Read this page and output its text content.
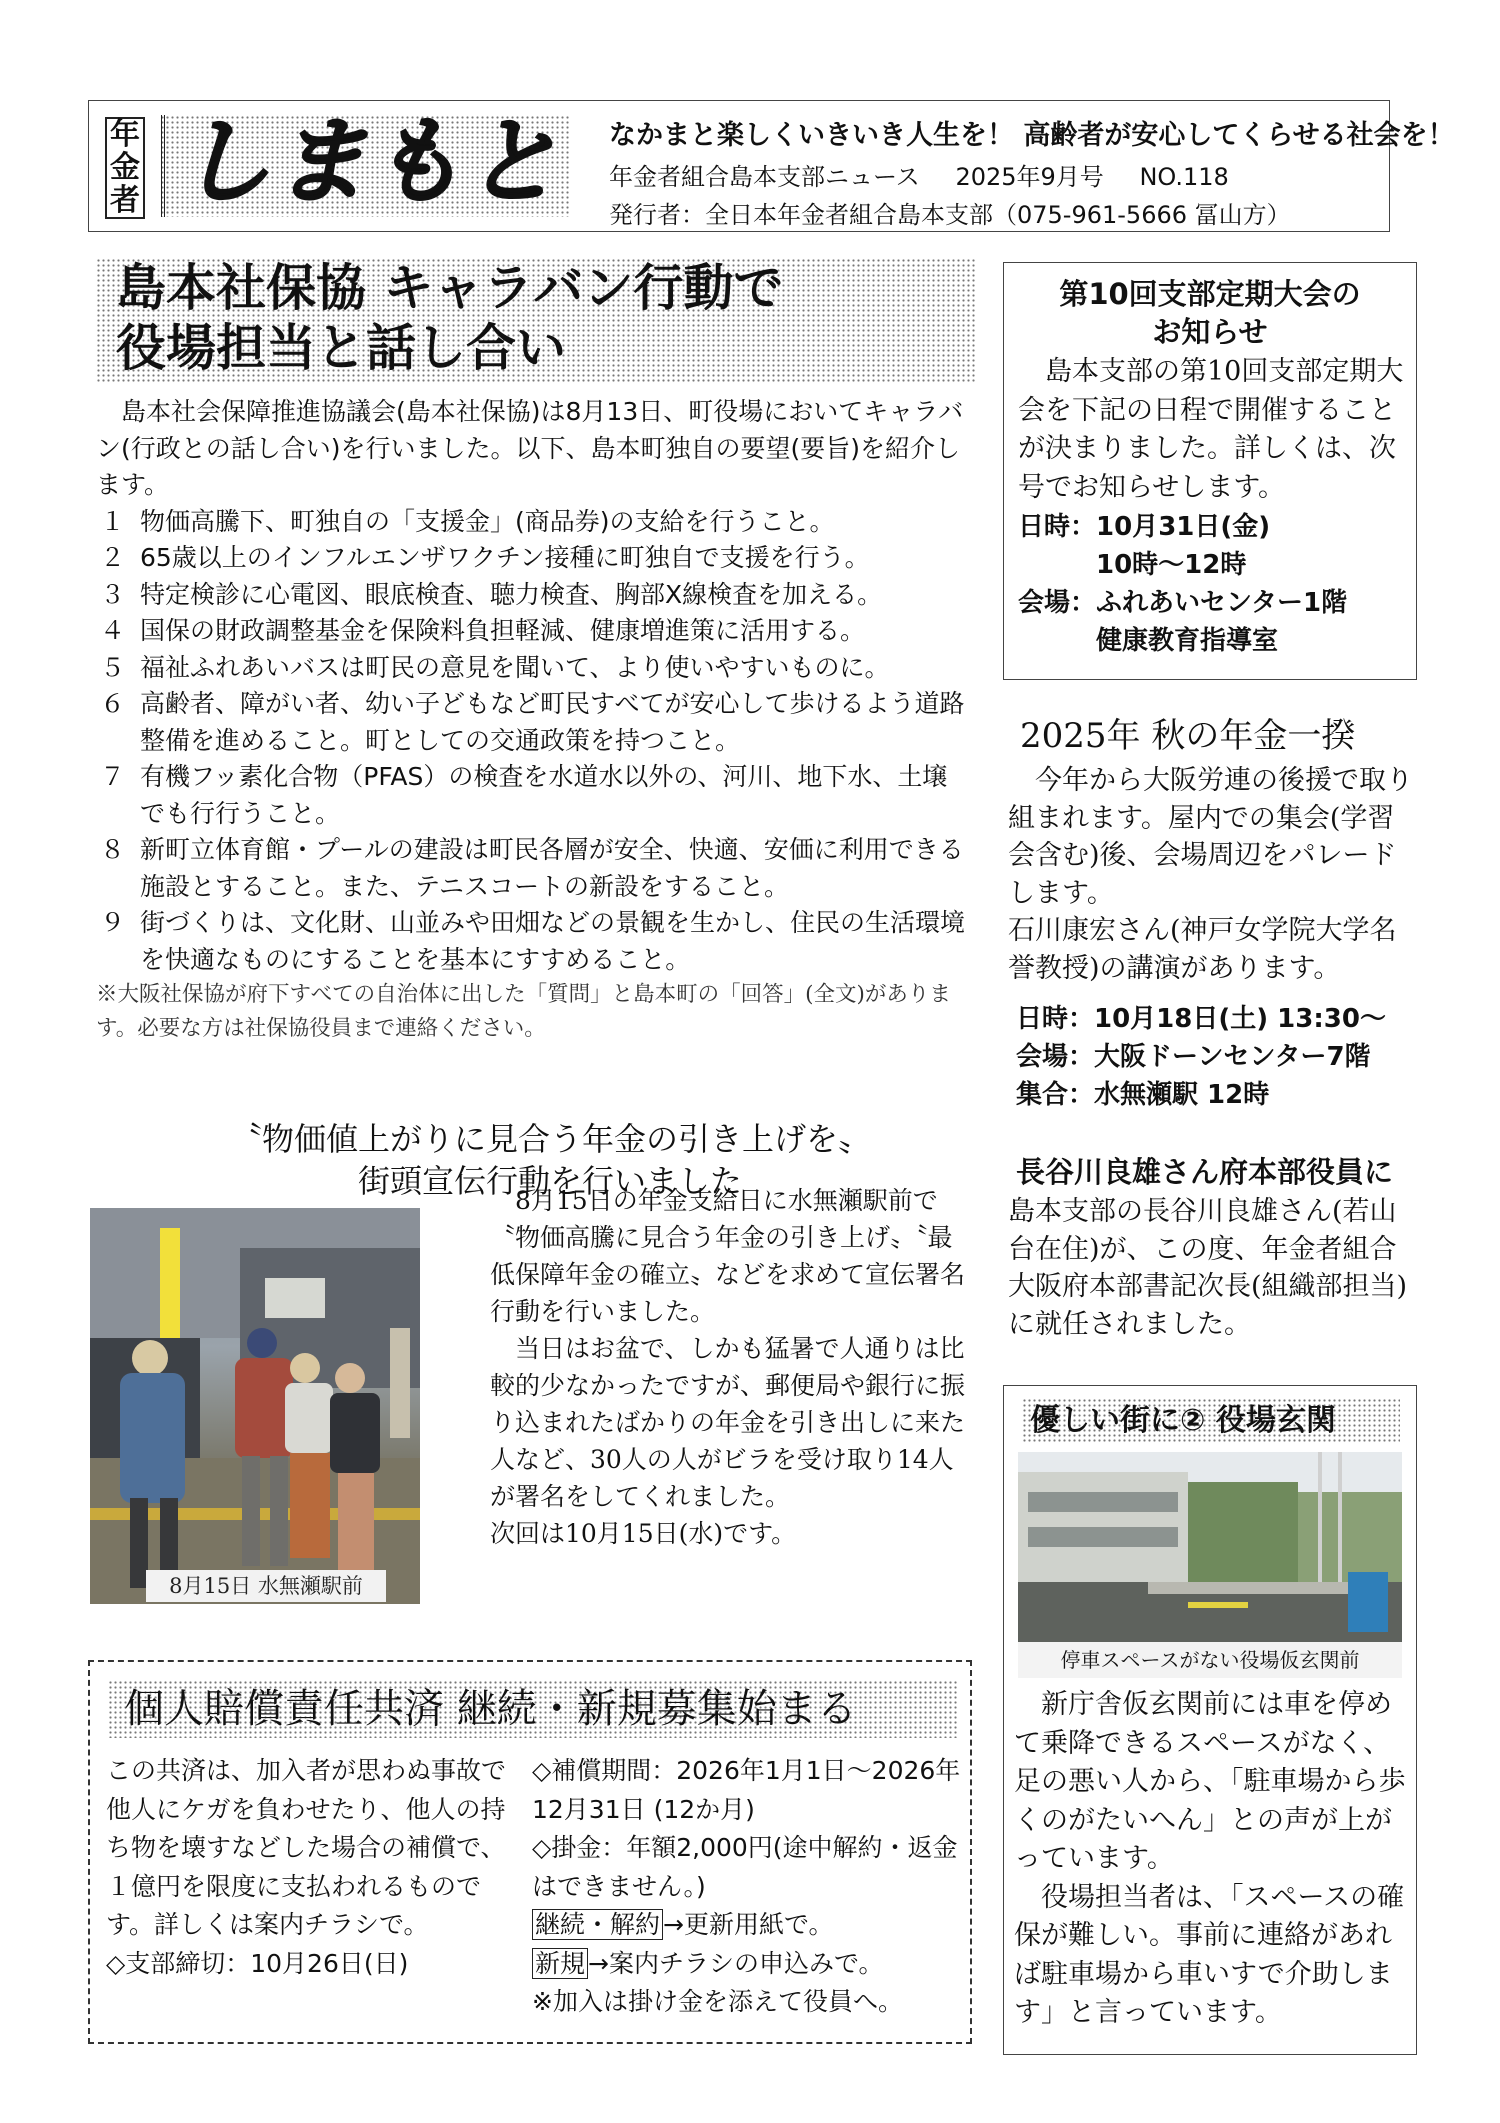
年
金
者 しまもと なかまと楽しくいきいき人生を！ 高齢者が安心してくらせる社会を！
年金者組合島本支部ニュース 2025年9月号 NO.118
発行者：全日本年金者組合島本支部（075-961-5666 冨山方）
島本社保協 キャラバン行動で
役場担当と話し合い

島本社会保障推進協議会(島本社保協)は8月13日、町役場においてキャラバン(行政との話し合い)を行いました。以下、島本町独自の要望(要旨)を紹介します。

１ 物価高騰下、町独自の「支援金」(商品券)の支給を行うこと。
２ 65歳以上のインフルエンザワクチン接種に町独自で支援を行う。
３ 特定検診に心電図、眼底検査、聴力検査、胸部X線検査を加える。
４ 国保の財政調整基金を保険料負担軽減、健康増進策に活用する。
５ 福祉ふれあいバスは町民の意見を聞いて、より使いやすいものに。
６ 高齢者、障がい者、幼い子どもなど町民すべてが安心して歩けるよう道路整備を進めること。町としての交通政策を持つこと。
７ 有機フッ素化合物（PFAS）の検査を水道水以外の、河川、地下水、土壌でも行行うこと。
８ 新町立体育館・プールの建設は町民各層が安全、快適、安価に利用できる施設とすること。また、テニスコートの新設をすること。
９ 街づくりは、文化財、山並みや田畑などの景観を生かし、住民の生活環境を快適なものにすることを基本にすすめること。

※大阪社保協が府下すべての自治体に出した「質問」と島本町の「回答」(全文)があります。必要な方は社保協役員まで連絡ください。

〝物価値上がりに見合う年金の引き上げを〟
街頭宣伝行動を行いました
8月15日 水無瀬駅前

8月15日の年金支給日に水無瀬駅前で〝物価高騰に見合う年金の引き上げ〟〝最低保障年金の確立〟などを求めて宣伝署名行動を行いました。

当日はお盆で、しかも猛暑で人通りは比較的少なかったですが、郵便局や銀行に振り込まれたばかりの年金を引き出しに来た人など、30人の人がビラを受け取り14人が署名をしてくれました。

次回は10月15日(水)です。

個人賠償責任共済 継続・新規募集始まる
この共済は、加入者が思わぬ事故で他人にケガを負わせたり、他人の持ち物を壊すなどした場合の補償で、１億円を限度に支払われるものです。詳しくは案内チラシで。
◇支部締切：10月26日(日)
◇補償期間：2026年1月1日～2026年12月31日 (12か月)
◇掛金：年額2,000円(途中解約・返金はできません。)
継続・解約 →更新用紙で。
新規 →案内チラシの申込みで。
※加入は掛け金を添えて役員へ。
第10回支部定期大会の
お知らせ

島本支部の第10回支部定期大会を下記の日程で開催することが決まりました。詳しくは、次号でお知らせします。

日時：10月31日(金)
10時～12時
会場：ふれあいセンター1階
健康教育指導室
2025年 秋の年金一揆

今年から大阪労連の後援で取り組まれます。屋内での集会(学習会含む)後、会場周辺をパレードします。

石川康宏さん(神戸女学院大学名誉教授)の講演があります。

日時：10月18日(土) 13:30～
会場：大阪ドーンセンター7階
集合：水無瀬駅 12時
長谷川良雄さん府本部役員に
島本支部の長谷川良雄さん(若山台在住)が、この度、年金者組合大阪府本部書記次長(組織部担当)に就任されました。
優しい街に② 役場玄関
停車スペースがない役場仮玄関前

新庁舎仮玄関前には車を停めて乗降できるスペースがなく、足の悪い人から、「駐車場から歩くのがたいへん」との声が上がっています。

役場担当者は、「スペースの確保が難しい。事前に連絡があれば駐車場から車いすで介助します」と言っています。
